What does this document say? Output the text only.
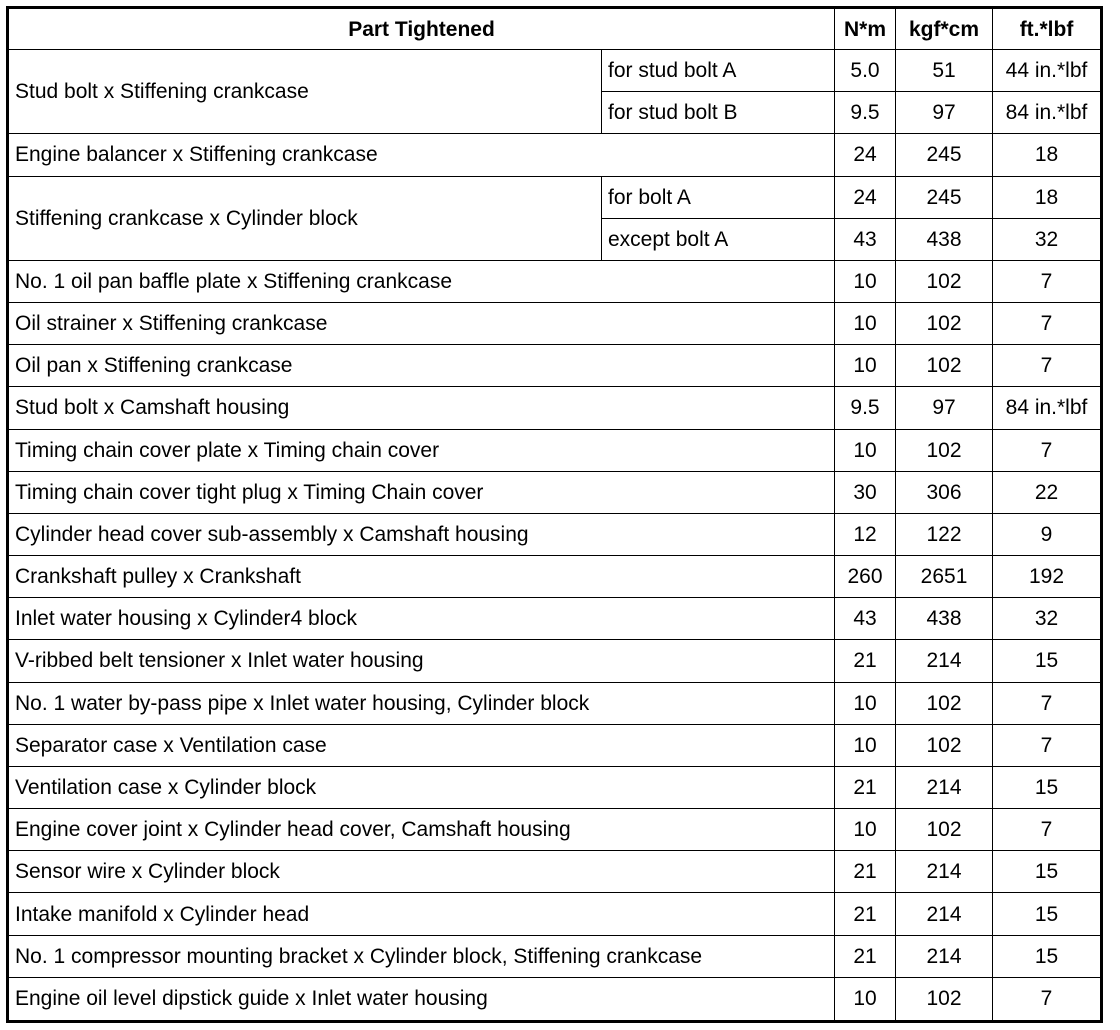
Part Tightened		N*m	kgf*cm	ft.*lbf
Stud bolt x Stiffening crankcase	for stud bolt A	5.0	51	44 in.*lbf
	for stud bolt B	9.5	97	84 in.*lbf
Engine balancer x Stiffening crankcase		24	245	18
Stiffening crankcase x Cylinder block	for bolt A	24	245	18
	except bolt A	43	438	32
No. 1 oil pan baffle plate x Stiffening crankcase		10	102	7
Oil strainer x Stiffening crankcase		10	102	7
Oil pan x Stiffening crankcase		10	102	7
Stud bolt x Camshaft housing		9.5	97	84 in.*lbf
Timing chain cover plate x Timing chain cover		10	102	7
Timing chain cover tight plug x Timing Chain cover		30	306	22
Cylinder head cover sub-assembly x Camshaft housing		12	122	9
Crankshaft pulley x Crankshaft		260	2651	192
Inlet water housing x Cylinder4 block		43	438	32
V-ribbed belt tensioner x Inlet water housing		21	214	15
No. 1 water by-pass pipe x Inlet water housing, Cylinder block		10	102	7
Separator case x Ventilation case		10	102	7
Ventilation case x Cylinder block		21	214	15
Engine cover joint x Cylinder head cover, Camshaft housing		10	102	7
Sensor wire x Cylinder block		21	214	15
Intake manifold x Cylinder head		21	214	15
No. 1 compressor mounting bracket x Cylinder block, Stiffening crankcase		21	214	15
Engine oil level dipstick guide x Inlet water housing		10	102	7
